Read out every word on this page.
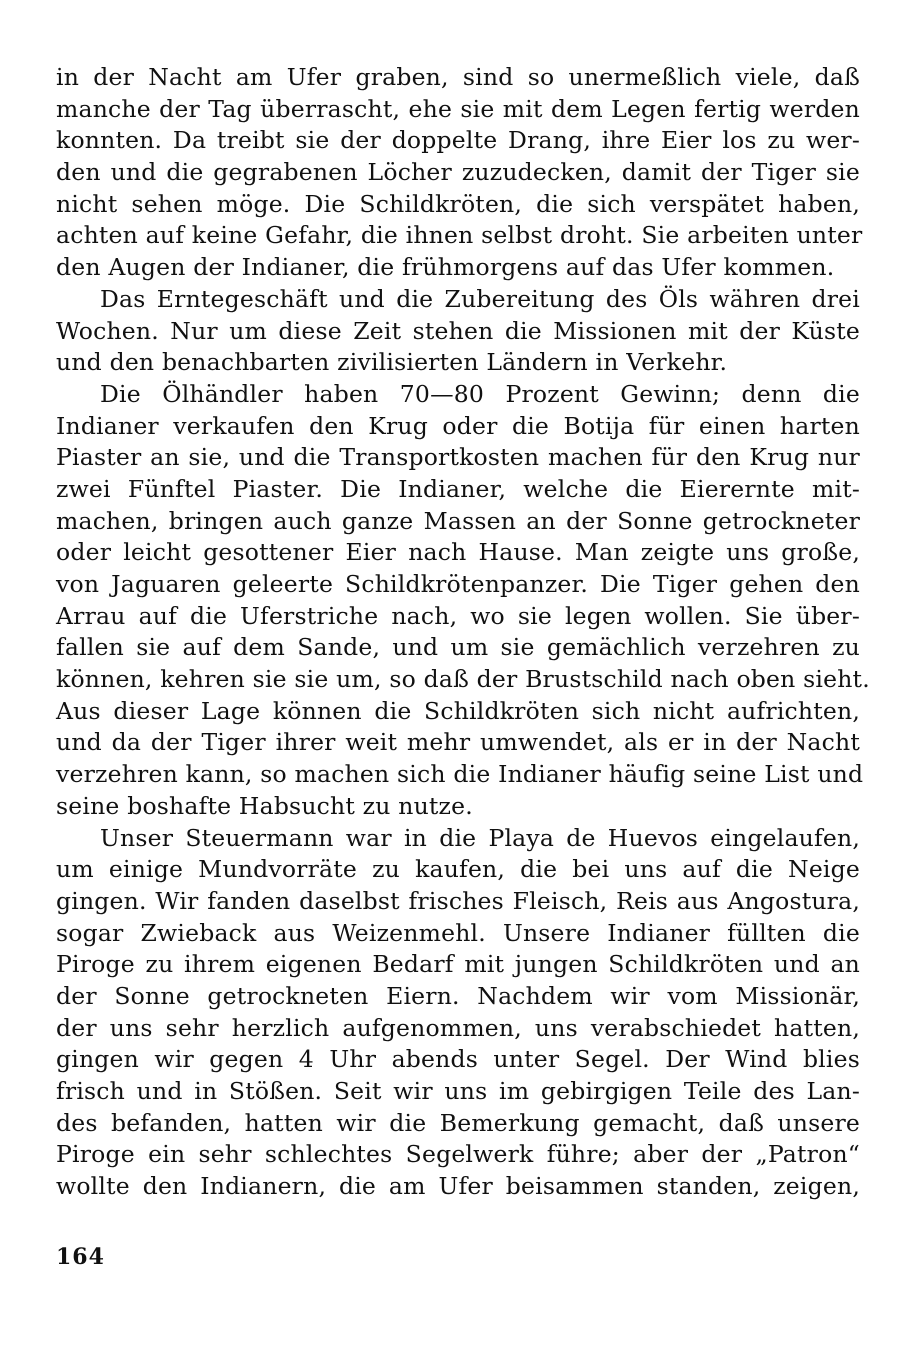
in der Nacht am Ufer graben, sind so unermeßlich viele, daß
manche der Tag überrascht, ehe sie mit dem Legen fertig werden
konnten. Da treibt sie der doppelte Drang, ihre Eier los zu wer-
den und die gegrabenen Löcher zuzudecken, damit der Tiger sie
nicht sehen möge. Die Schildkröten, die sich verspätet haben,
achten auf keine Gefahr, die ihnen selbst droht. Sie arbeiten unter
den Augen der Indianer, die frühmorgens auf das Ufer kommen.
Das Erntegeschäft und die Zubereitung des Öls währen drei
Wochen. Nur um diese Zeit stehen die Missionen mit der Küste
und den benachbarten zivilisierten Ländern in Verkehr.
Die Ölhändler haben 70—80 Prozent Gewinn; denn die
Indianer verkaufen den Krug oder die Botija für einen harten
Piaster an sie, und die Transportkosten machen für den Krug nur
zwei Fünftel Piaster. Die Indianer, welche die Eierernte mit-
machen, bringen auch ganze Massen an der Sonne getrockneter
oder leicht gesottener Eier nach Hause. Man zeigte uns große,
von Jaguaren geleerte Schildkrötenpanzer. Die Tiger gehen den
Arrau auf die Uferstriche nach, wo sie legen wollen. Sie über-
fallen sie auf dem Sande, und um sie gemächlich verzehren zu
können, kehren sie sie um, so daß der Brustschild nach oben sieht.
Aus dieser Lage können die Schildkröten sich nicht aufrichten,
und da der Tiger ihrer weit mehr umwendet, als er in der Nacht
verzehren kann, so machen sich die Indianer häufig seine List und
seine boshafte Habsucht zu nutze.
Unser Steuermann war in die Playa de Huevos eingelaufen,
um einige Mundvorräte zu kaufen, die bei uns auf die Neige
gingen. Wir fanden daselbst frisches Fleisch, Reis aus Angostura,
sogar Zwieback aus Weizenmehl. Unsere Indianer füllten die
Piroge zu ihrem eigenen Bedarf mit jungen Schildkröten und an
der Sonne getrockneten Eiern. Nachdem wir vom Missionär,
der uns sehr herzlich aufgenommen, uns verabschiedet hatten,
gingen wir gegen 4 Uhr abends unter Segel. Der Wind blies
frisch und in Stößen. Seit wir uns im gebirgigen Teile des Lan-
des befanden, hatten wir die Bemerkung gemacht, daß unsere
Piroge ein sehr schlechtes Segelwerk führe; aber der „Patron“
wollte den Indianern, die am Ufer beisammen standen, zeigen,
164
